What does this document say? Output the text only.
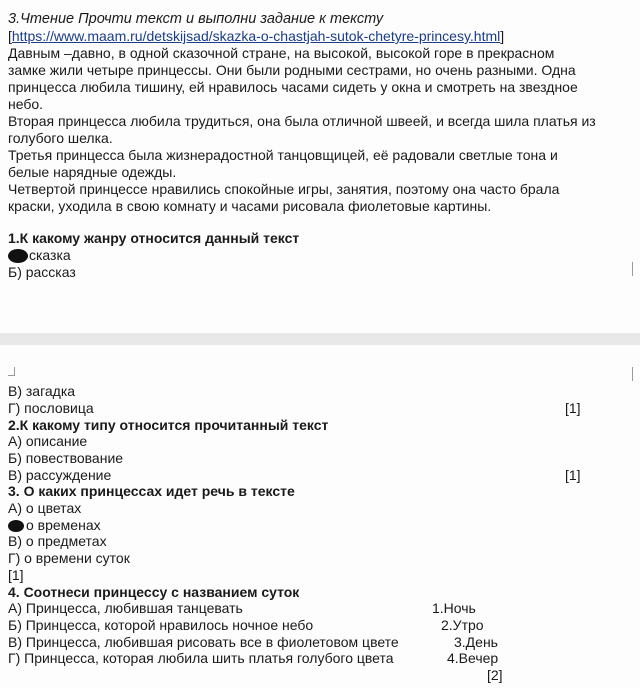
3.Чтение Прочти текст и выполни задание к тексту
[https://www.maam.ru/detskijsad/skazka-o-chastjah-sutok-chetyre-princesy.html]
Давным –давно, в одной сказочной стране, на высокой, высокой горе в прекрасном
замке жили четыре принцессы. Они были родными сестрами, но очень разными. Одна
принцесса любила тишину, ей нравилось часами сидеть у окна и смотреть на звездное
небо.
Вторая принцесса любила трудиться, она была отличной швеей, и всегда шила платья из
голубого шелка.
Третья принцесса была жизнерадостной танцовщицей, её радовали светлые тона и
белые нарядные одежды.
Четвертой принцессе нравились спокойные игры, занятия, поэтому она часто брала
краски, уходила в свою комнату и часами рисовала фиолетовые картины.
1.К какому жанру относится данный текст
сказка
Б) рассказ
В) загадка
Г) пословица	[1]
2.К какому типу относится прочитанный текст
А) описание
Б) повествование
В) рассуждение	[1]
3. О каких принцессах идет речь в тексте
А) о цветах
о временах
В) о предметах
Г) о времени суток
[1]
4. Соотнеси принцессу с названием суток
А) Принцесса, любившая танцевать	1.Ночь
Б) Принцесса, которой нравилось ночное небо	2.Утро
В) Принцесса, любившая рисовать все в фиолетовом цвете	3.День
Г) Принцесса, которая любила шить платья голубого цвета	4.Вечер
[2]
